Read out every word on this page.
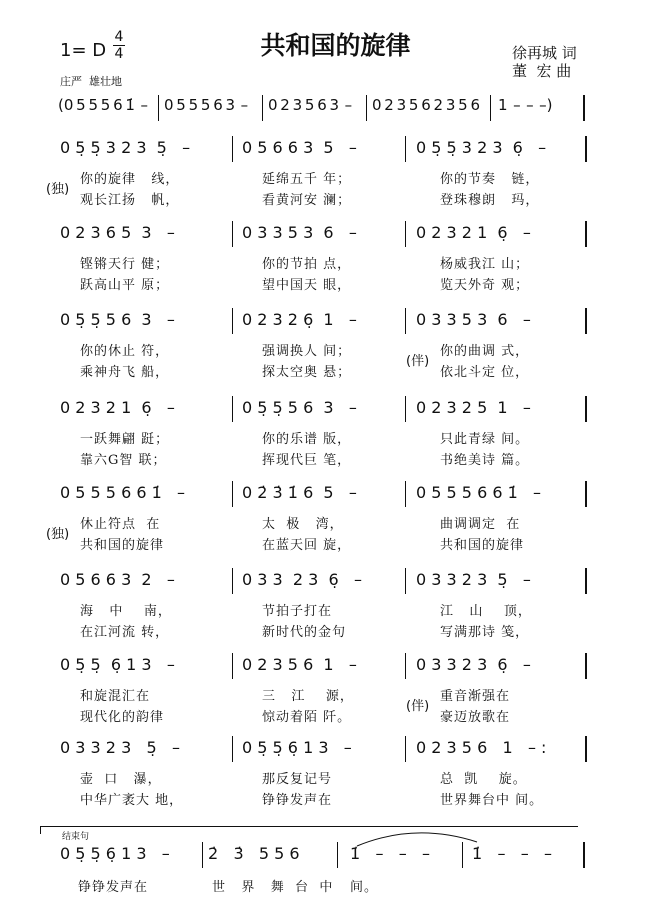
共和国的旋律
1= D
4
4
庄严  雄壮地
徐再城 词
董  宏 曲
(0 5 5 5 6 1̇  – 0 5 5 5 6 3  – 0 2 3 5 6 3  – 0 2 3 5 6 2 3 5 6 1  –  –  –)
0 5̣ 5̣ 3 2 3  5̣   –	0 5 6 6 3  5   –	0 5̣ 5̣ 3 2 3  6̣   –
你的旋律   线，	延绵五千 年；	你的节奏   链，
观长江扬   帆，	看黄河安 澜；	登珠穆朗   玛，
(独)
0 2 3 6 5  3   –	0 3 3 5 3  6   –	0 2 3 2 1  6̣   –
铿锵天行 健；	你的节拍 点，	杨威我江 山；
跃高山平 原；	望中国天 眼，	览天外奇 观；
0 5̣ 5̣ 5 6  3   –	0 2 3 2 6̣  1   –	0 3 3 5 3  6   –
你的休止 符，	强调换人 间；	你的曲调 式，
乘神舟飞 船，	探太空奥 悬；	依北斗定 位，
(伴)
0 2 3 2 1  6̣   –	0 5̣ 5̣ 5 6  3   –	0 2 3 2 5  1   –
一跃舞翩 跹；	你的乐谱 版，	只此青绿 间。
靠六G智 联；	挥现代巨 笔，	书绝美诗 篇。
0 5 5 5 6 6 1̇   –	0 2̇ 3̇ 1̇ 6  5   –	0 5 5 5 6 6 1̇   –
休止符点  在	太  极   湾，	曲调调定  在
共和国的旋律	在蓝天回 旋，	共和国的旋律
(独)
0 5 6 6 3  2   –	0 3 3  2 3  6̣   –	0 3 3 2 3  5̣   –
海   中    南，	节拍子打在	江   山    顶，
在江河流 转，	新时代的金句	写满那诗 笺，
0 5̣ 5̣  6̣ 1 3   –	0 2 3 5 6  1   –	0 3 3 2 3  6̣   –
和旋混汇在	三   江    源，	重音渐强在
现代化的韵律	惊动着陌 阡。	豪迈放歌在
(伴)
0 3 3 2 3   5̣   –	0 5̣ 5̣ 6̣ 1 3   –	0 2 3 5 6   1   – :
壶  口   瀑，	那反复记号	总  凯    旋。
中华广袤大 地，	铮铮发声在	世界舞台中 间。
结束句
0 5̣ 5̣ 6̣ 1 3   – 2̇   3̇   5 5 6	1̇   –   –   –	1̇   –   –   –
铮铮发声在	世   界   舞  台  中 间。
